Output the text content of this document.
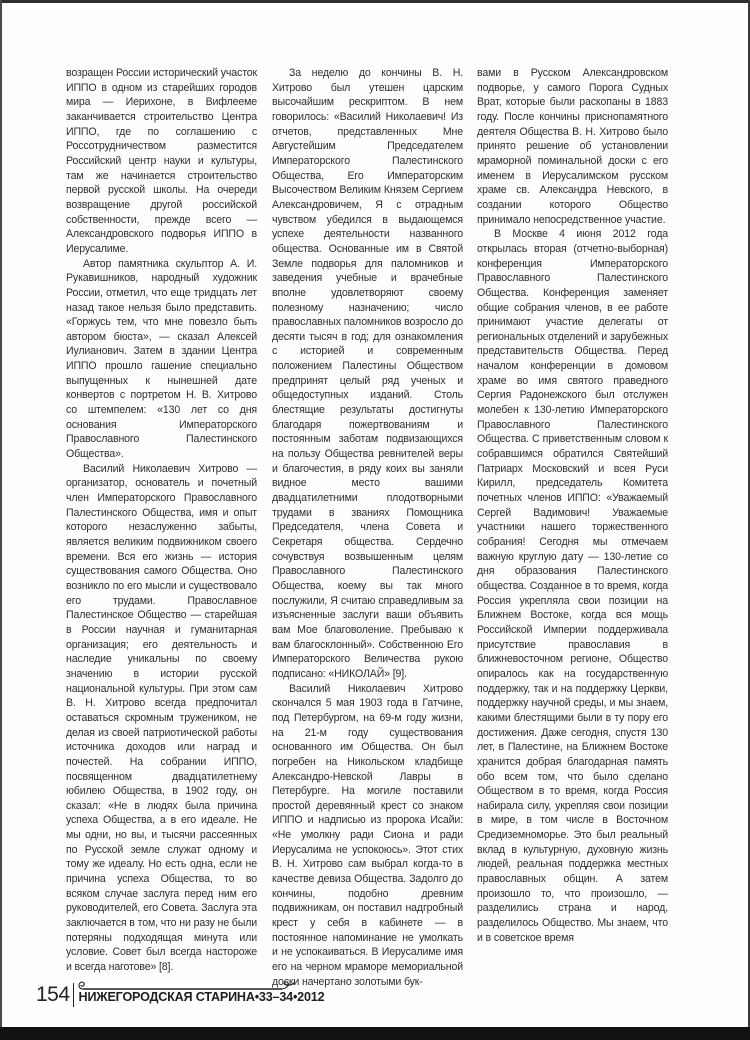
возращен России исторический участок ИППО в одном из старейших городов мира — Иерихоне, в Вифлееме заканчивается строительство Центра ИППО, где по соглашению с Россотрудничеством разместится Российский центр науки и культуры, там же начинается строительство первой русской школы. На очереди возвращение другой российской собственности, прежде всего — Александровского подворья ИППО в Иерусалиме.

Автор памятника скульптор А. И. Рукавишников, народный художник России, отметил, что еще тридцать лет назад такое нельзя было представить. «Горжусь тем, что мне повезло быть автором бюста», — сказал Алексей Иулианович. Затем в здании Центра ИППО прошло гашение специально выпущенных к нынешней дате конвертов с портретом Н. В. Хитрово со штемпелем: «130 лет со дня основания Императорского Православного Палестинского Общества».

Василий Николаевич Хитрово — организатор, основатель и почетный член Императорского Православного Палестинского Общества, имя и опыт которого незаслуженно забыты, является великим подвижником своего времени. Вся его жизнь — история существования самого Общества. Оно возникло по его мысли и существовало его трудами. Православное Палестинское Общество — старейшая в России научная и гуманитарная организация; его деятельность и наследие уникальны по своему значению в истории русской национальной культуры. При этом сам В. Н. Хитрово всегда предпочитал оставаться скромным тружеником, не делая из своей патриотической работы источника доходов или наград и почестей. На собрании ИППО, посвященном двадцатилетнему юбилею Общества, в 1902 году, он сказал: «Не в людях была причина успеха Общества, а в его идеале. Не мы одни, но вы, и тысячи рассеянных по Русской земле служат одному и тому же идеалу. Но есть одна, если не причина успеха Общества, то во всяком случае заслуга перед ним его руководителей, его Совета. Заслуга эта заключается в том, что ни разу не были потеряны подходящая минута или условие. Совет был всегда настороже и всегда наготове» [8].

За неделю до кончины В. Н. Хитрово был утешен царским высочайшим рескриптом. В нем говорилось: «Василий Николаевич! Из отчетов, представленных Мне Августейшим Председателем Императорского Палестинского Общества, Его Императорским Высочеством Великим Князем Сергием Александровичем, Я с отрадным чувством убедился в выдающемся успехе деятельности названного общества. Основанные им в Святой Земле подворья для паломников и заведения учебные и врачебные вполне удовлетворяют своему полезному назначению; число православных паломников возросло до десяти тысяч в год; для ознакомления с историей и современным положением Палестины Обществом предпринят целый ряд ученых и общедоступных изданий. Столь блестящие результаты достигнуты благодаря пожертвованиям и постоянным заботам подвизающихся на пользу Общества ревнителей веры и благочестия, в ряду коих вы заняли видное место вашими двадцатилетними плодотворными трудами в званиях Помощника Председателя, члена Совета и Секретаря общества. Сердечно сочувствуя возвышенным целям Православного Палестинского Общества, коему вы так много послужили, Я считаю справедливым за изъясненные заслуги ваши объявить вам Мое благоволение. Пребываю к вам благосклонный». Собственною Его Императорского Величества рукою подписано: «НИКОЛАЙ» [9].

Василий Николаевич Хитрово скончался 5 мая 1903 года в Гатчине, под Петербургом, на 69-м году жизни, на 21-м году существования основанного им Общества. Он был погребен на Никольском кладбище Александро-Невской Лавры в Петербурге. На могиле поставили простой деревянный крест со знаком ИППО и надписью из пророка Исайи: «Не умолкну ради Сиона и ради Иерусалима не успокоюсь». Этот стих В. Н. Хитрово сам выбрал когда-то в качестве девиза Общества. Задолго до кончины, подобно древним подвижникам, он поставил надгробный крест у себя в кабинете — в постоянное напоминание не умолкать и не успокаиваться. В Иерусалиме имя его на черном мраморе мемориальной доски начертано золотыми бук-

вами в Русском Александровском подворье, у самого Порога Судных Врат, которые были раскопаны в 1883 году. После кончины приснопамятного деятеля Общества В. Н. Хитрово было принято решение об установлении мраморной поминальной доски с его именем в Иерусалимском русском храме св. Александра Невского, в создании которого Общество принимало непосредственное участие.

В Москве 4 июня 2012 года открылась вторая (отчетно-выборная) конференция Императорского Православного Палестинского Общества. Конференция заменяет общие собрания членов, в ее работе принимают участие делегаты от региональных отделений и зарубежных представительств Общества. Перед началом конференции в домовом храме во имя святого праведного Сергия Радонежского был отслужен молебен к 130-летию Императорского Православного Палестинского Общества. С приветственным словом к собравшимся обратился Святейший Патриарх Московский и всея Руси Кирилл, председатель Комитета почетных членов ИППО: «Уважаемый Сергей Вадимович! Уважаемые участники нашего торжественного собрания! Сегодня мы отмечаем важную круглую дату — 130-летие со дня образования Палестинского общества. Созданное в то время, когда Россия укрепляла свои позиции на Ближнем Востоке, когда вся мощь Российской Империи поддерживала присутствие православия в ближневосточном регионе, Общество опиралось как на государственную поддержку, так и на поддержку Церкви, поддержку научной среды, и мы знаем, какими блестящими были в ту пору его достижения. Даже сегодня, спустя 130 лет, в Палестине, на Ближнем Востоке хранится добрая благодарная память обо всем том, что было сделано Обществом в то время, когда Россия набирала силу, укрепляя свои позиции в мире, в том числе в Восточном Средиземноморье. Это был реальный вклад в культурную, духовную жизнь людей, реальная поддержка местных православных общин. А затем произошло то, что произошло, — разделились страна и народ, разделилось Общество. Мы знаем, что и в советское время

154 НИЖЕГОРОДСКАЯ СТАРИНА•33–34•2012
